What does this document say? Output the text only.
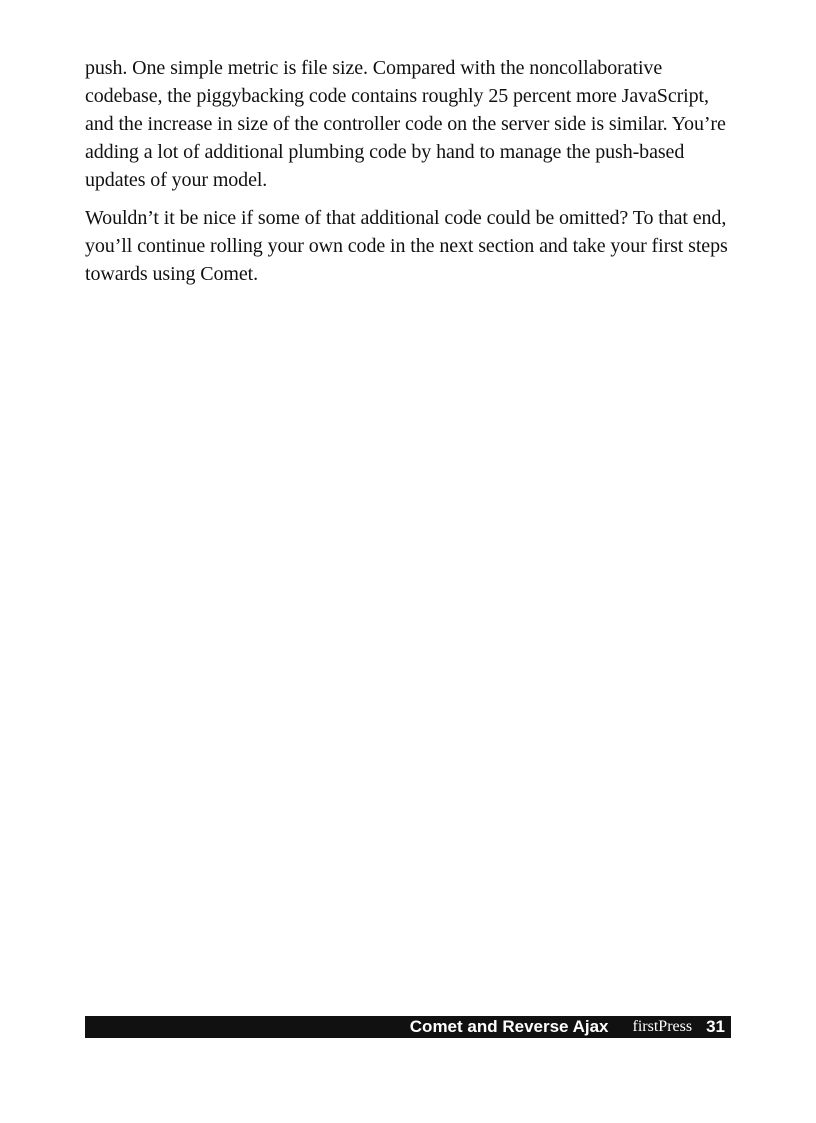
push. One simple metric is file size. Compared with the noncollaborative codebase, the piggybacking code contains roughly 25 percent more JavaScript, and the increase in size of the controller code on the server side is similar. You’re adding a lot of additional plumbing code by hand to manage the push-based updates of your model.

Wouldn’t it be nice if some of that additional code could be omitted? To that end, you’ll continue rolling your own code in the next section and take your first steps towards using Comet.

Comet and Reverse Ajax firstPress 31
